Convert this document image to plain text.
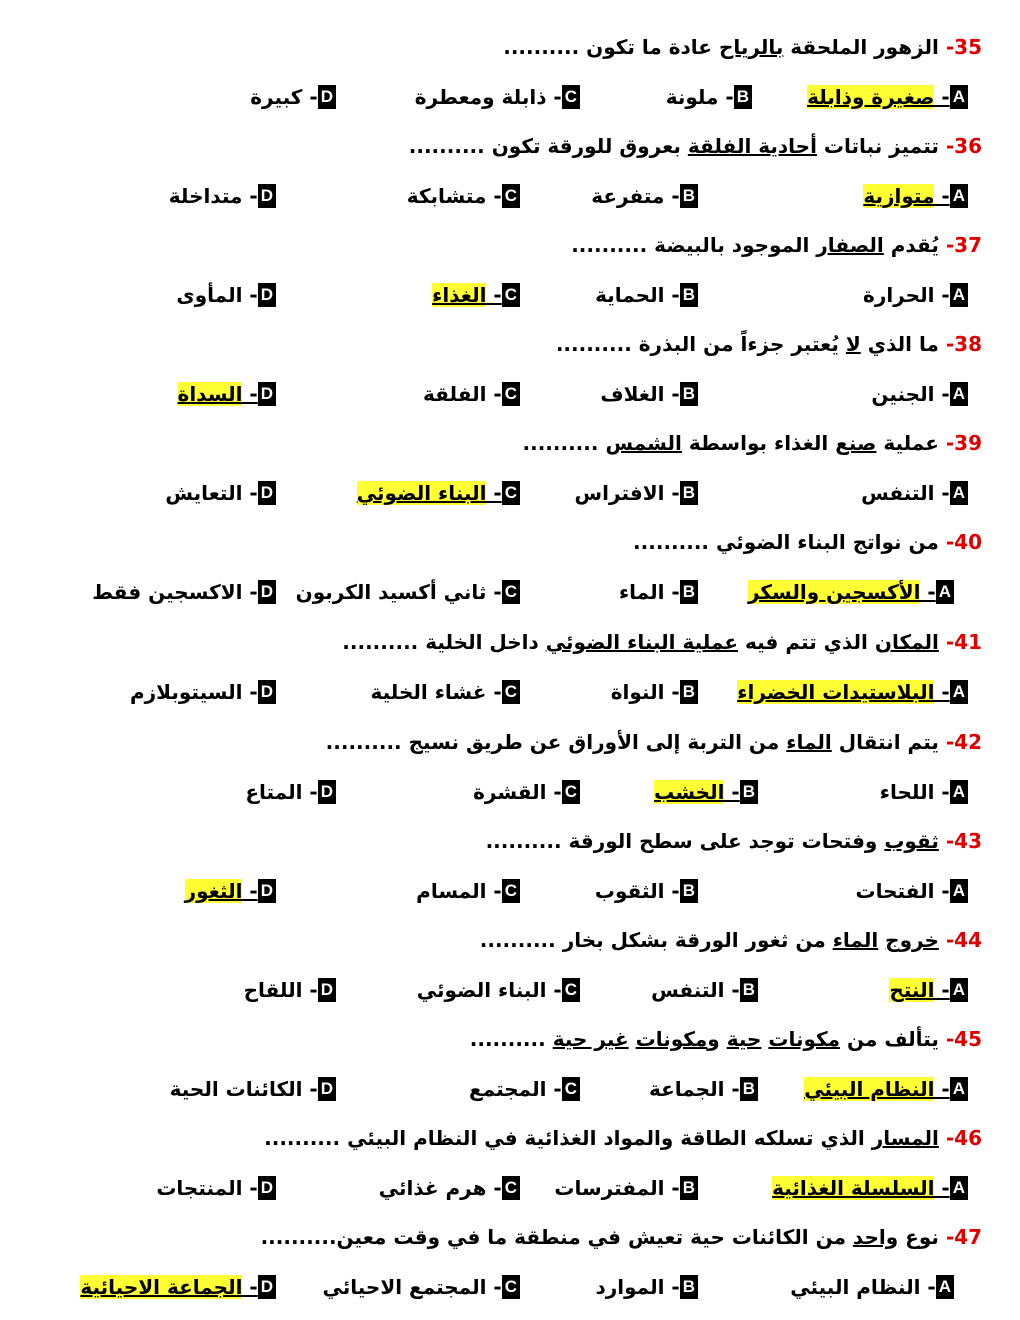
35- الزهور الملحقة بالرياح عادة ما تكون ..........
A- صغيرة وذابلة
B- ملونة
C- ذابلة ومعطرة
D- كبيرة
36- تتميز نباتات أحادية الفلقة بعروق للورقة تكون ..........
A- متوازية
B- متفرعة
C- متشابكة
D- متداخلة
37- يُقدم الصفار الموجود بالبيضة ..........
A- الحرارة
B- الحماية
C- الغذاء
D- المأوى
38- ما الذي لا يُعتبر جزءاً من البذرة ..........
A- الجنين
B- الغلاف
C- الفلقة
D- السداة
39- عملية صنع الغذاء بواسطة الشمس ..........
A- التنفس
B- الافتراس
C- البناء الضوئي
D- التعايش
40- من نواتج البناء الضوئي ..........
A- الأكسجين والسكر
B- الماء
C- ثاني أكسيد الكربون
D- الاكسجين فقط
41- المكان الذي تتم فيه عملية البناء الضوئي داخل الخلية ..........
A- البلاستيدات الخضراء
B- النواة
C- غشاء الخلية
D- السيتوبلازم
42- يتم انتقال الماء من التربة إلى الأوراق عن طريق نسيج ..........
A- اللحاء
B- الخشب
C- القشرة
D- المتاع
43- ثقوب وفتحات توجد على سطح الورقة ..........
A- الفتحات
B- الثقوب
C- المسام
D- الثغور
44- خروج الماء من ثغور الورقة بشكل بخار ..........
A- النتح
B- التنفس
C- البناء الضوئي
D- اللقاح
45- يتألف من مكونات حية ومكونات غير حية ..........
A- النظام البيئي
B- الجماعة
C- المجتمع
D- الكائنات الحية
46- المسار الذي تسلكه الطاقة والمواد الغذائية في النظام البيئي ..........
A- السلسلة الغذائية
B- المفترسات
C- هرم غذائي
D- المنتجات
47- نوع واحد من الكائنات حية تعيش في منطقة ما في وقت معين..........
A- النظام البيئي
B- الموارد
C- المجتمع الاحيائي
D- الجماعة الاحيائية
